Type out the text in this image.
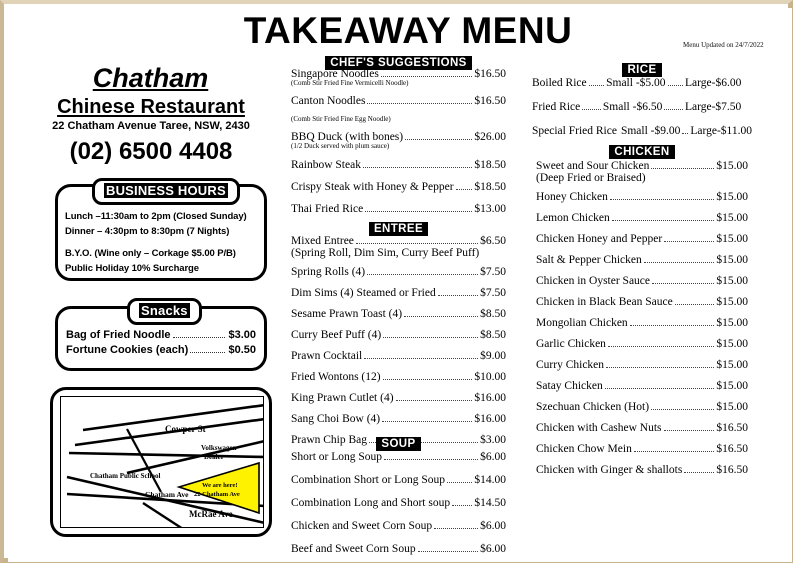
TAKEAWAY MENU	Menu Updated on 24/7/2022
Chatham
Chinese Restaurant
22 Chatham Avenue Taree, NSW, 2430
(02) 6500 4408
BUSINESS HOURS
Lunch –11:30am to 2pm (Closed Sunday)
Dinner – 4:30pm to 8:30pm (7 Nights)
B.Y.O. (Wine only – Corkage $5.00 P/B)
Public Holiday 10% Surcharge
Snacks
Bag of Fried Noodle	$3.00
Fortune Cookies (each)	$0.50
Cowper St
Volkswagen
Dealer
Chatham Public School
Chatham Ave
McRae Ave
We are here!
22 Chatham Ave
CHEF'S SUGGESTIONS
Singapore Noodles	$16.50
(Comb Stir Fried Fine Vermicelli Noodle)
Canton Noodles	$16.50
(Comb Stir Fried Fine Egg Noodle)
BBQ Duck (with bones)	$26.00
(1/2 Duck served with plum sauce)
Rainbow Steak	$18.50
Crispy Steak with Honey & Pepper $18.50
Thai Fried Rice	$13.00
ENTREE
Mixed Entree	$6.50
(Spring Roll, Dim Sim, Curry Beef Puff)
Spring Rolls (4)	$7.50
Dim Sims (4) Steamed or Fried	$7.50
Sesame Prawn Toast (4)	$8.50
Curry Beef Puff (4)	$8.50
Prawn Cocktail	$9.00
Fried Wontons (12)	$10.00
King Prawn Cutlet (4)	$16.00
Sang Choi Bow (4)	$16.00
Prawn Chip Bag	$3.00
SOUP
Short or Long Soup	$6.00
Combination Short or Long Soup	$14.00
Combination Long and Short soup $14.50
Chicken and Sweet Corn Soup	$6.00
Beef and Sweet Corn Soup	$6.00
RICE
Boiled Rice Small -$5.00 Large-$6.00
Fried Rice Small -$6.50 Large-$7.50
Special Fried Rice Small -$9.00 Large-$11.00
CHICKEN
Sweet and Sour Chicken	$15.00
(Deep Fried or Braised)
Honey Chicken	$15.00
Lemon Chicken	$15.00
Chicken Honey and Pepper	$15.00
Salt & Pepper Chicken	$15.00
Chicken in Oyster Sauce	$15.00
Chicken in Black Bean Sauce	$15.00
Mongolian Chicken	$15.00
Garlic Chicken	$15.00
Curry Chicken	$15.00
Satay Chicken	$15.00
Szechuan Chicken (Hot)	$15.00
Chicken with Cashew Nuts	$16.50
Chicken Chow Mein	$16.50
Chicken with Ginger & shallots	$16.50
